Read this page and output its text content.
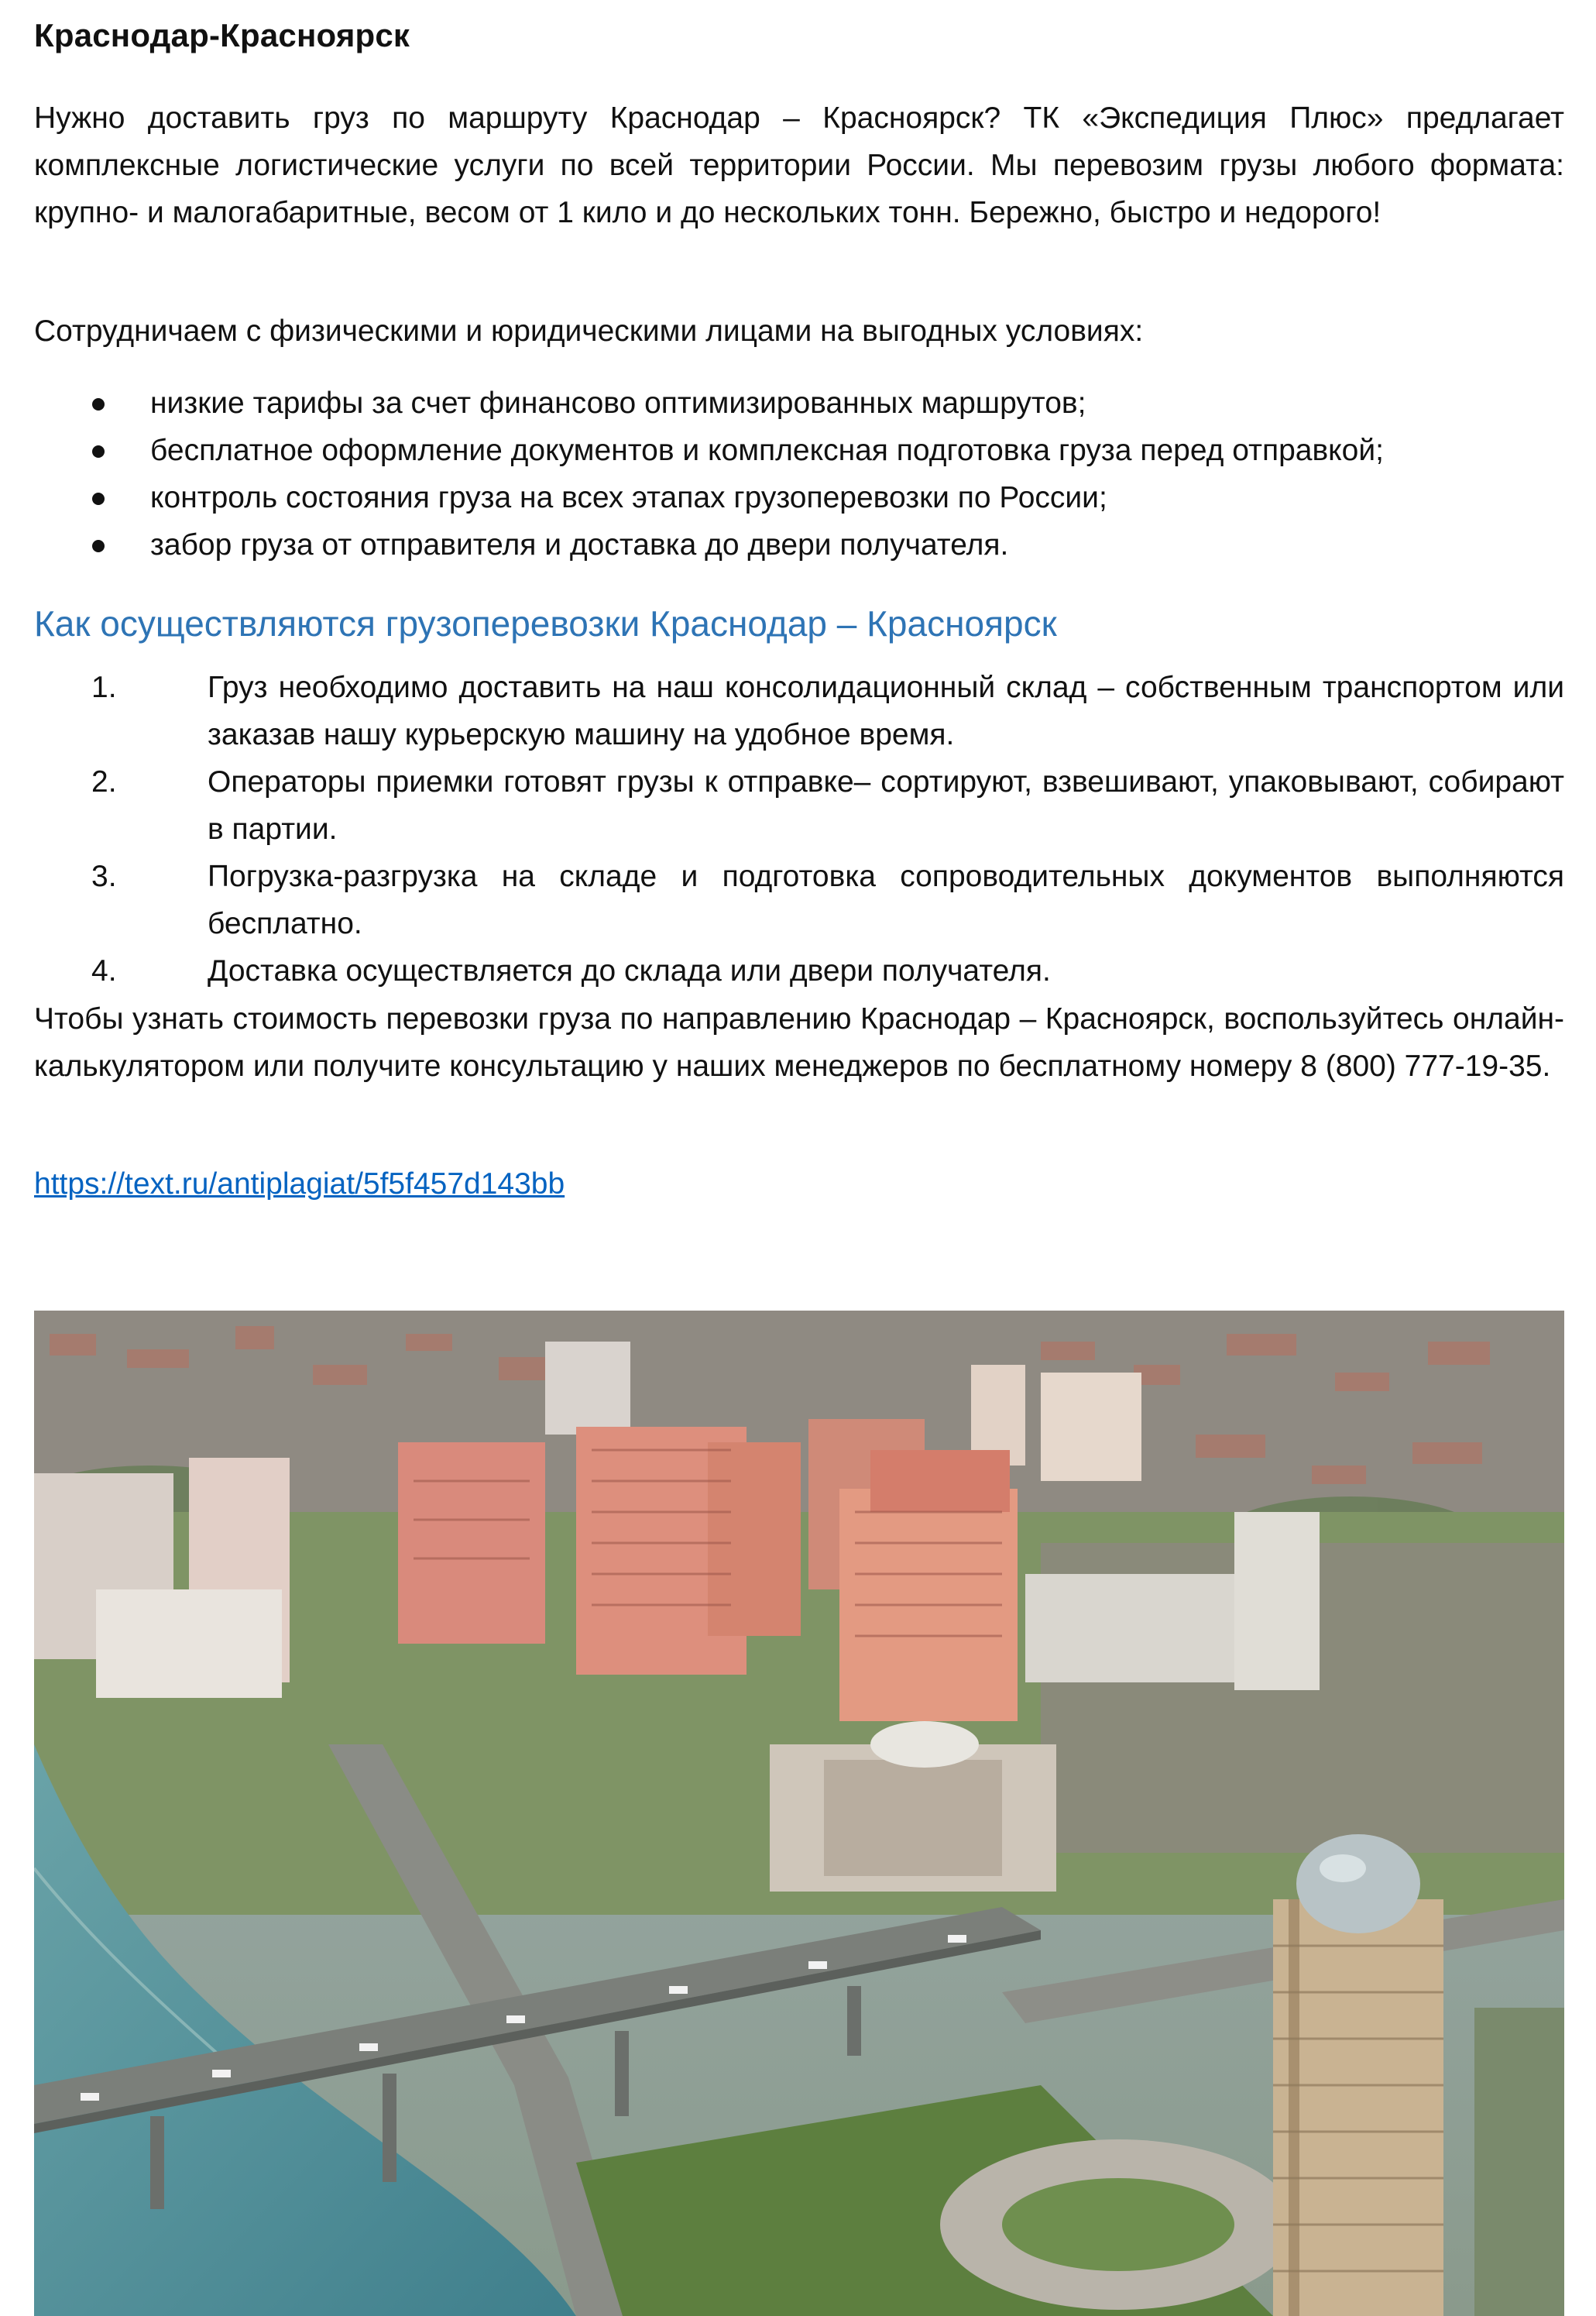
Краснодар-Красноярск

Нужно доставить груз по маршруту Краснодар – Красноярск? ТК «Экспедиция Плюс» предлагает комплексные логистические услуги по всей территории России. Мы перевозим грузы любого формата: крупно- и малогабаритные, весом от 1 кило и до нескольких тонн. Бережно, быстро и недорого!

Сотрудничаем с физическими и юридическими лицами на выгодных условиях:

низкие тарифы за счет финансово оптимизированных маршрутов;
бесплатное оформление документов и комплексная подготовка груза перед отправкой;
контроль состояния груза на всех этапах грузоперевозки по России;
забор груза от отправителя и доставка до двери получателя.
Как осуществляются грузоперевозки Краснодар – Красноярск
1.	Груз необходимо доставить на наш консолидационный склад – собственным транспортом или заказав нашу курьерскую машину на удобное время.
2.	Операторы приемки готовят грузы к отправке– сортируют, взвешивают, упаковывают, собирают в партии.
3.	Погрузка-разгрузка на складе и подготовка сопроводительных документов выполняются бесплатно.
4.	Доставка осуществляется до склада или двери получателя.

Чтобы узнать стоимость перевозки груза по направлению Краснодар – Красноярск, воспользуйтесь онлайн-калькулятором или получите консультацию у наших менеджеров по бесплатному номеру 8 (800) 777-19-35.

https://text.ru/antiplagiat/5f5f457d143bb
